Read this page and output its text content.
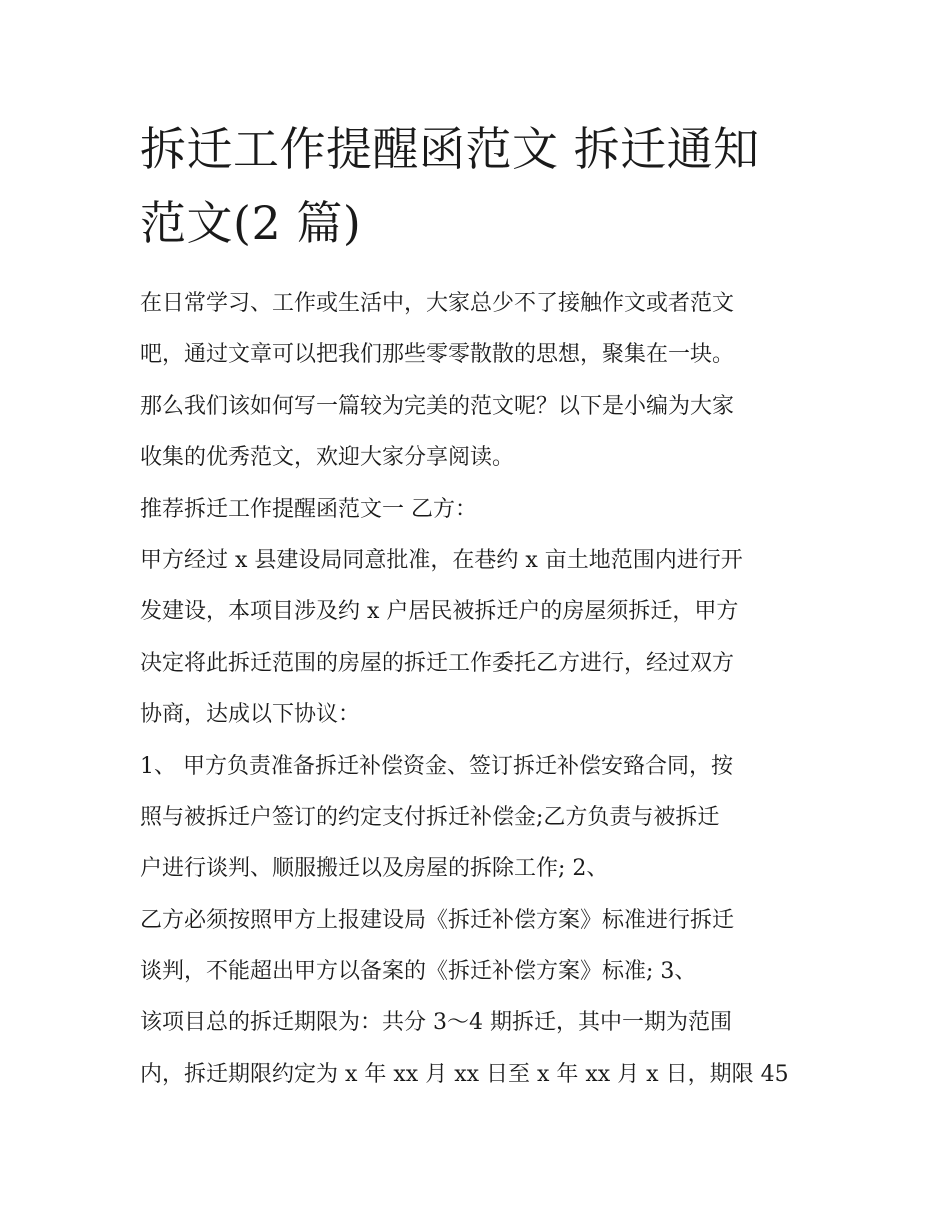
拆迁工作提醒函范文 拆迁通知
范文(2 篇)
在日常学习、工作或生活中，大家总少不了接触作文或者范文
吧，通过文章可以把我们那些零零散散的思想，聚集在一块。
那么我们该如何写一篇较为完美的范文呢？以下是小编为大家
收集的优秀范文，欢迎大家分享阅读。
推荐拆迁工作提醒函范文一 乙方：
甲方经过 x 县建设局同意批准，在巷约 x 亩土地范围内进行开
发建设，本项目涉及约 x 户居民被拆迁户的房屋须拆迁，甲方
决定将此拆迁范围的房屋的拆迁工作委托乙方进行，经过双方
协商，达成以下协议：
1、 甲方负责准备拆迁补偿资金、签订拆迁补偿安臵合同，按
照与被拆迁户签订的约定支付拆迁补偿金;乙方负责与被拆迁
户进行谈判、顺服搬迁以及房屋的拆除工作; 2、
乙方必须按照甲方上报建设局《拆迁补偿方案》标准进行拆迁
谈判，不能超出甲方以备案的《拆迁补偿方案》标准; 3、
该项目总的拆迁期限为：共分 3～4 期拆迁，其中一期为范围
内，拆迁期限约定为 x 年 xx 月 xx 日至 x 年 xx 月 x 日，期限 45
